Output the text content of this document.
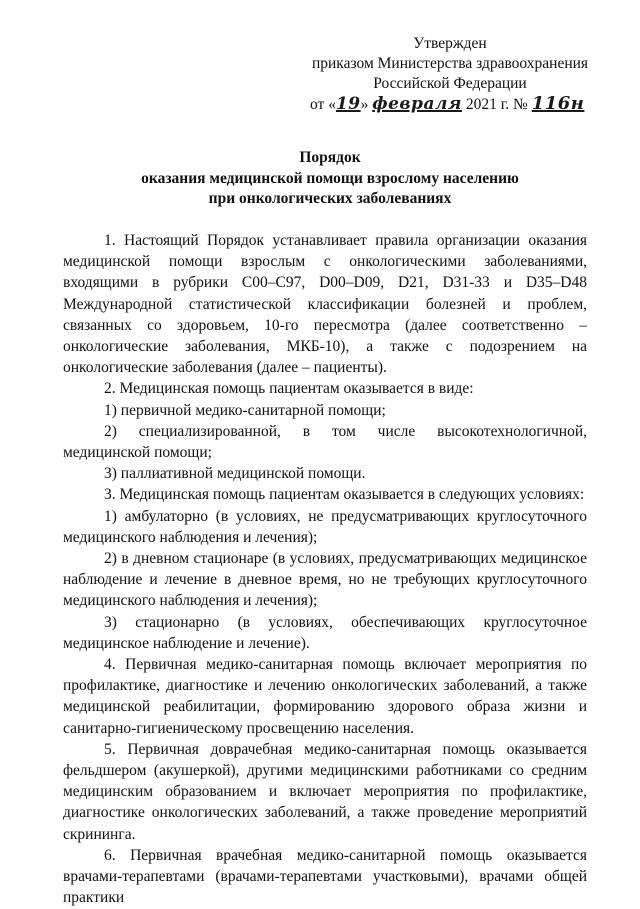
Утвержден
приказом Министерства здравоохранения
Российской Федерации
от «19» февраля 2021 г. № 116н
Порядок
оказания медицинской помощи взрослому населению
при онкологических заболеваниях

1. Настоящий Порядок устанавливает правила организации оказания медицинской помощи взрослым с онкологическими заболеваниями, входящими в рубрики С00–С97, D00–D09, D21, D31-33 и D35–D48 Международной статистической классификации болезней и проблем, связанных со здоровьем, 10-го пересмотра (далее соответственно – онкологические заболевания, МКБ-10), а также с подозрением на онкологические заболевания (далее – пациенты).

2. Медицинская помощь пациентам оказывается в виде:

1) первичной медико-санитарной помощи;

2) специализированной, в том числе высокотехнологичной, медицинской помощи;

3) паллиативной медицинской помощи.

3. Медицинская помощь пациентам оказывается в следующих условиях:

1) амбулаторно (в условиях, не предусматривающих круглосуточного медицинского наблюдения и лечения);

2) в дневном стационаре (в условиях, предусматривающих медицинское наблюдение и лечение в дневное время, но не требующих круглосуточного медицинского наблюдения и лечения);

3) стационарно (в условиях, обеспечивающих круглосуточное медицинское наблюдение и лечение).

4. Первичная медико-санитарная помощь включает мероприятия по профилактике, диагностике и лечению онкологических заболеваний, а также медицинской реабилитации, формированию здорового образа жизни и санитарно-гигиеническому просвещению населения.

5. Первичная доврачебная медико-санитарная помощь оказывается фельдшером (акушеркой), другими медицинскими работниками со средним медицинским образованием и включает мероприятия по профилактике, диагностике онкологических заболеваний, а также проведение мероприятий скрининга.

6. Первичная врачебная медико-санитарной помощь оказывается врачами-терапевтами (врачами-терапевтами участковыми), врачами общей практики
